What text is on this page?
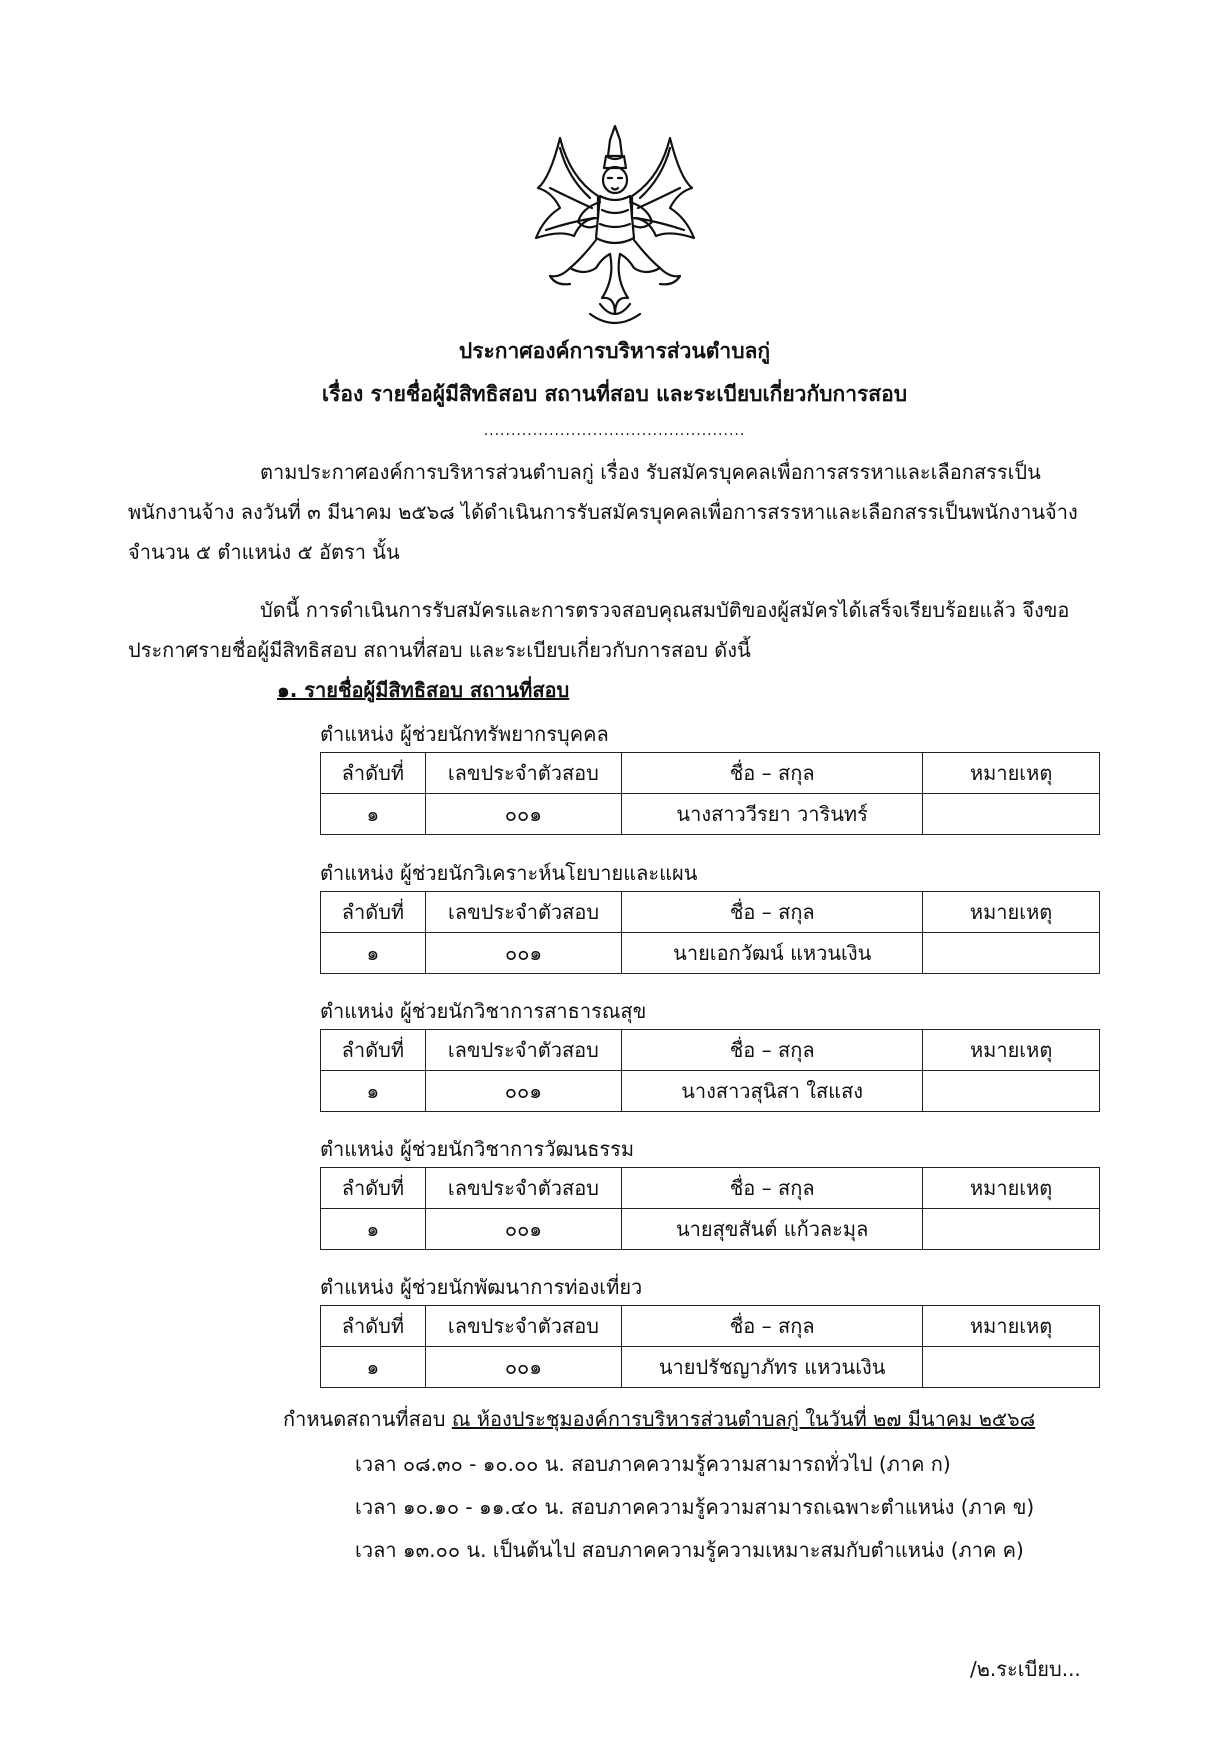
ประกาศองค์การบริหารส่วนตำบลกู่
เรื่อง รายชื่อผู้มีสิทธิสอบ สถานที่สอบ และระเบียบเกี่ยวกับการสอบ
................................................
ตามประกาศองค์การบริหารส่วนตำบลกู่ เรื่อง รับสมัครบุคคลเพื่อการสรรหาและเลือกสรรเป็นพนักงานจ้าง ลงวันที่ ๓ มีนาคม ๒๕๖๘ ได้ดำเนินการรับสมัครบุคคลเพื่อการสรรหาและเลือกสรรเป็นพนักงานจ้าง จำนวน ๕ ตำแหน่ง ๕ อัตรา นั้น
บัดนี้ การดำเนินการรับสมัครและการตรวจสอบคุณสมบัติของผู้สมัครได้เสร็จเรียบร้อยแล้ว จึงขอประกาศรายชื่อผู้มีสิทธิสอบ สถานที่สอบ และระเบียบเกี่ยวกับการสอบ ดังนี้
๑. รายชื่อผู้มีสิทธิสอบ สถานที่สอบ
ตำแหน่ง ผู้ช่วยนักทรัพยากรบุคคล
ลำดับที่	เลขประจำตัวสอบ	ชื่อ – สกุล	หมายเหตุ
๑	๐๐๑	นางสาววีรยา วารินทร์	
ตำแหน่ง ผู้ช่วยนักวิเคราะห์นโยบายและแผน
ลำดับที่	เลขประจำตัวสอบ	ชื่อ – สกุล	หมายเหตุ
๑	๐๐๑	นายเอกวัฒน์ แหวนเงิน	
ตำแหน่ง ผู้ช่วยนักวิชาการสาธารณสุข
ลำดับที่	เลขประจำตัวสอบ	ชื่อ – สกุล	หมายเหตุ
๑	๐๐๑	นางสาวสุนิสา ใสแสง	
ตำแหน่ง ผู้ช่วยนักวิชาการวัฒนธรรม
ลำดับที่	เลขประจำตัวสอบ	ชื่อ – สกุล	หมายเหตุ
๑	๐๐๑	นายสุขสันต์ แก้วละมุล	
ตำแหน่ง ผู้ช่วยนักพัฒนาการท่องเที่ยว
ลำดับที่	เลขประจำตัวสอบ	ชื่อ – สกุล	หมายเหตุ
๑	๐๐๑	นายปรัชญาภัทร แหวนเงิน	
กำหนดสถานที่สอบ ณ ห้องประชุมองค์การบริหารส่วนตำบลกู่ ในวันที่ ๒๗ มีนาคม ๒๕๖๘
เวลา ๐๘.๓๐ - ๑๐.๐๐ น. สอบภาคความรู้ความสามารถทั่วไป (ภาค ก)
เวลา ๑๐.๑๐ - ๑๑.๔๐ น. สอบภาคความรู้ความสามารถเฉพาะตำแหน่ง (ภาค ข)
เวลา ๑๓.๐๐ น. เป็นต้นไป สอบภาคความรู้ความเหมาะสมกับตำแหน่ง (ภาค ค)
/๒.ระเบียบ...
